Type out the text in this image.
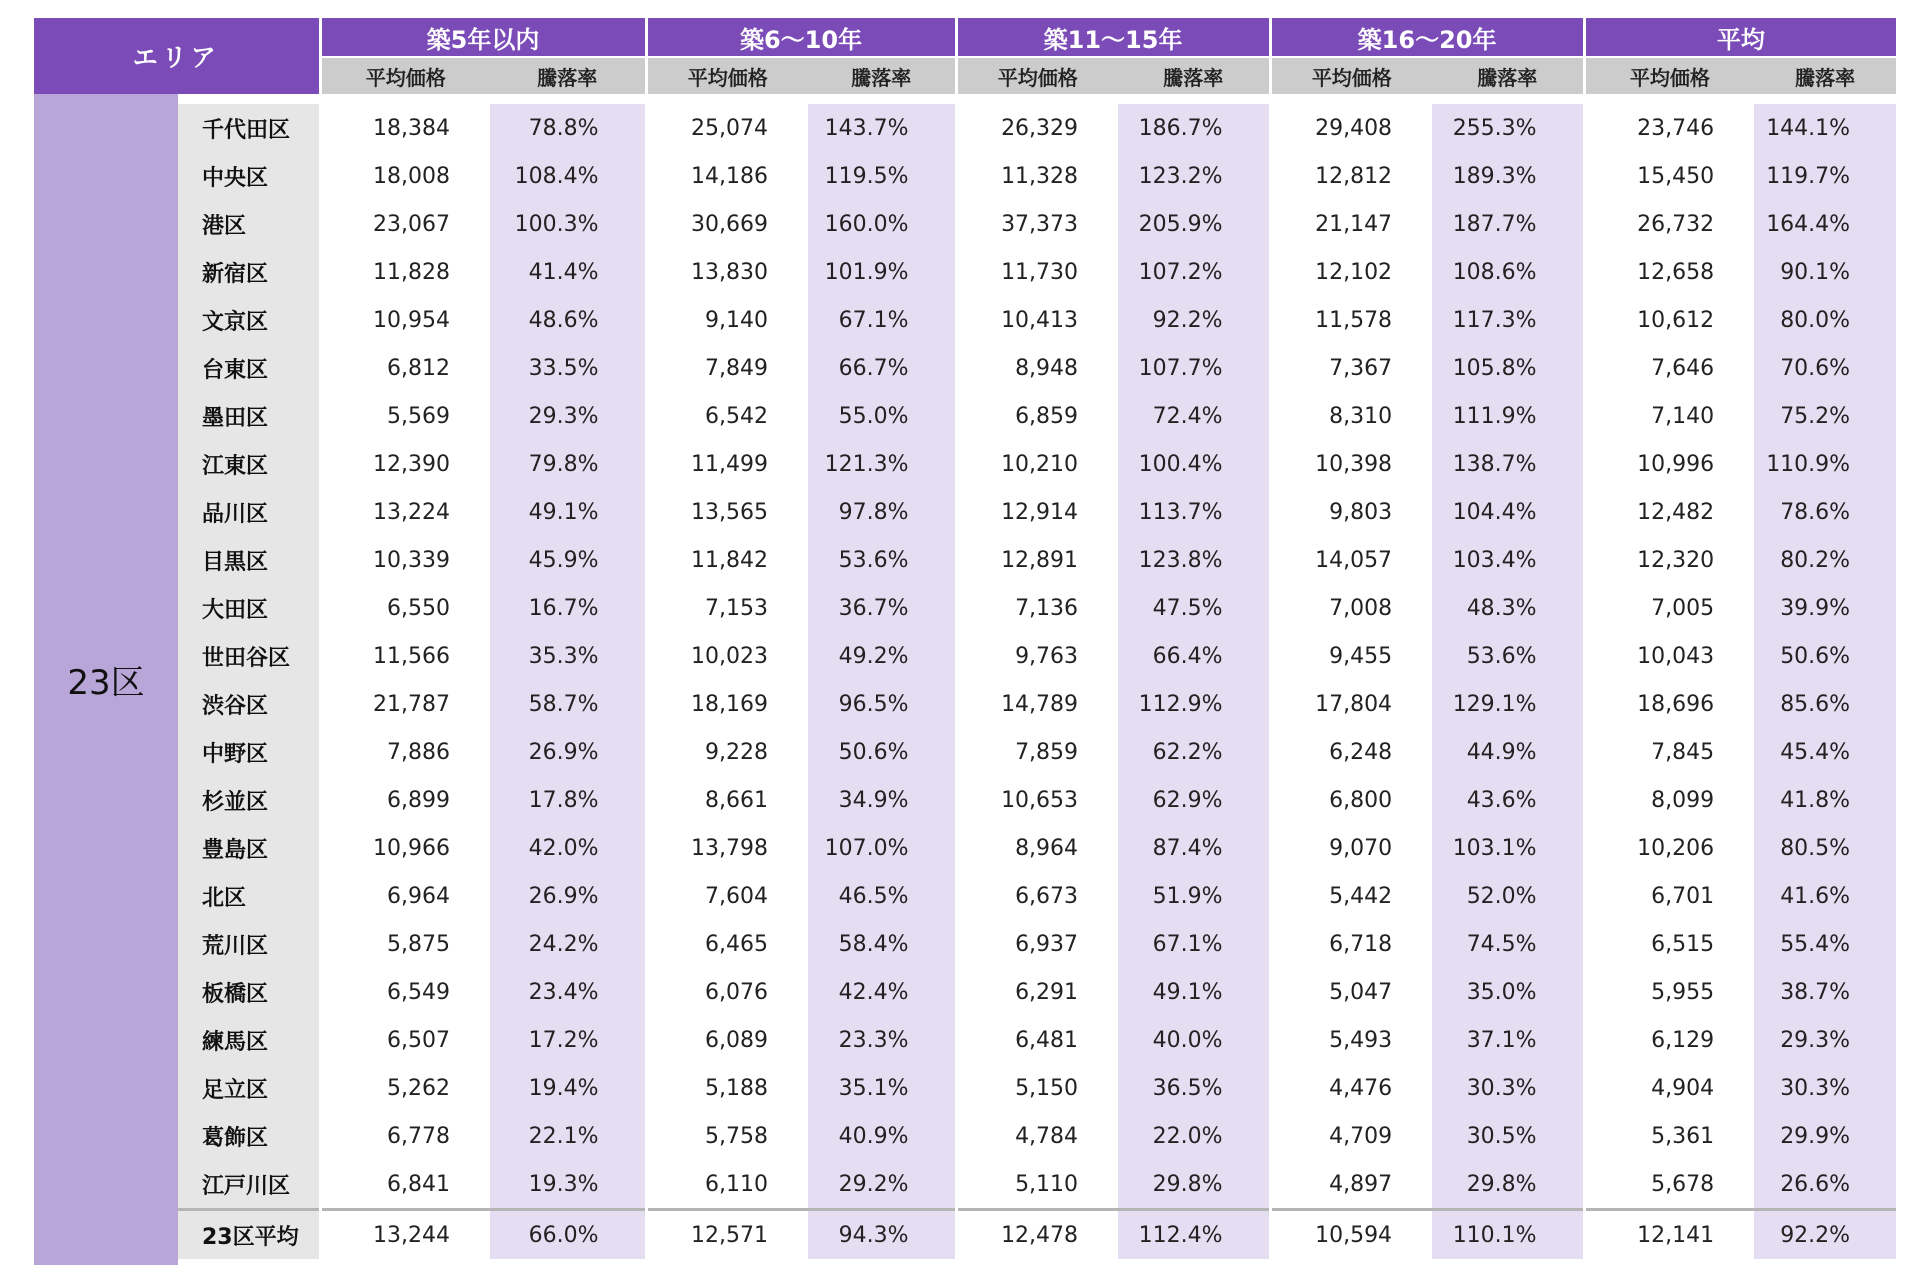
エリア		築5年以内		築6〜10年		築11〜15年		築16〜20年		平均	
		平均価格	騰落率	平均価格	騰落率	平均価格	騰落率	平均価格	騰落率	平均価格	騰落率
23区											
	千代田区	18,384	78.8%	25,074	143.7%	26,329	186.7%	29,408	255.3%	23,746	144.1%
	中央区	18,008	108.4%	14,186	119.5%	11,328	123.2%	12,812	189.3%	15,450	119.7%
	港区	23,067	100.3%	30,669	160.0%	37,373	205.9%	21,147	187.7%	26,732	164.4%
	新宿区	11,828	41.4%	13,830	101.9%	11,730	107.2%	12,102	108.6%	12,658	90.1%
	文京区	10,954	48.6%	9,140	67.1%	10,413	92.2%	11,578	117.3%	10,612	80.0%
	台東区	6,812	33.5%	7,849	66.7%	8,948	107.7%	7,367	105.8%	7,646	70.6%
	墨田区	5,569	29.3%	6,542	55.0%	6,859	72.4%	8,310	111.9%	7,140	75.2%
	江東区	12,390	79.8%	11,499	121.3%	10,210	100.4%	10,398	138.7%	10,996	110.9%
	品川区	13,224	49.1%	13,565	97.8%	12,914	113.7%	9,803	104.4%	12,482	78.6%
	目黒区	10,339	45.9%	11,842	53.6%	12,891	123.8%	14,057	103.4%	12,320	80.2%
	大田区	6,550	16.7%	7,153	36.7%	7,136	47.5%	7,008	48.3%	7,005	39.9%
	世田谷区	11,566	35.3%	10,023	49.2%	9,763	66.4%	9,455	53.6%	10,043	50.6%
	渋谷区	21,787	58.7%	18,169	96.5%	14,789	112.9%	17,804	129.1%	18,696	85.6%
	中野区	7,886	26.9%	9,228	50.6%	7,859	62.2%	6,248	44.9%	7,845	45.4%
	杉並区	6,899	17.8%	8,661	34.9%	10,653	62.9%	6,800	43.6%	8,099	41.8%
	豊島区	10,966	42.0%	13,798	107.0%	8,964	87.4%	9,070	103.1%	10,206	80.5%
	北区	6,964	26.9%	7,604	46.5%	6,673	51.9%	5,442	52.0%	6,701	41.6%
	荒川区	5,875	24.2%	6,465	58.4%	6,937	67.1%	6,718	74.5%	6,515	55.4%
	板橋区	6,549	23.4%	6,076	42.4%	6,291	49.1%	5,047	35.0%	5,955	38.7%
	練馬区	6,507	17.2%	6,089	23.3%	6,481	40.0%	5,493	37.1%	6,129	29.3%
	足立区	5,262	19.4%	5,188	35.1%	5,150	36.5%	4,476	30.3%	4,904	30.3%
	葛飾区	6,778	22.1%	5,758	40.9%	4,784	22.0%	4,709	30.5%	5,361	29.9%
	江戸川区	6,841	19.3%	6,110	29.2%	5,110	29.8%	4,897	29.8%	5,678	26.6%
	23区平均	13,244	66.0%	12,571	94.3%	12,478	112.4%	10,594	110.1%	12,141	92.2%
